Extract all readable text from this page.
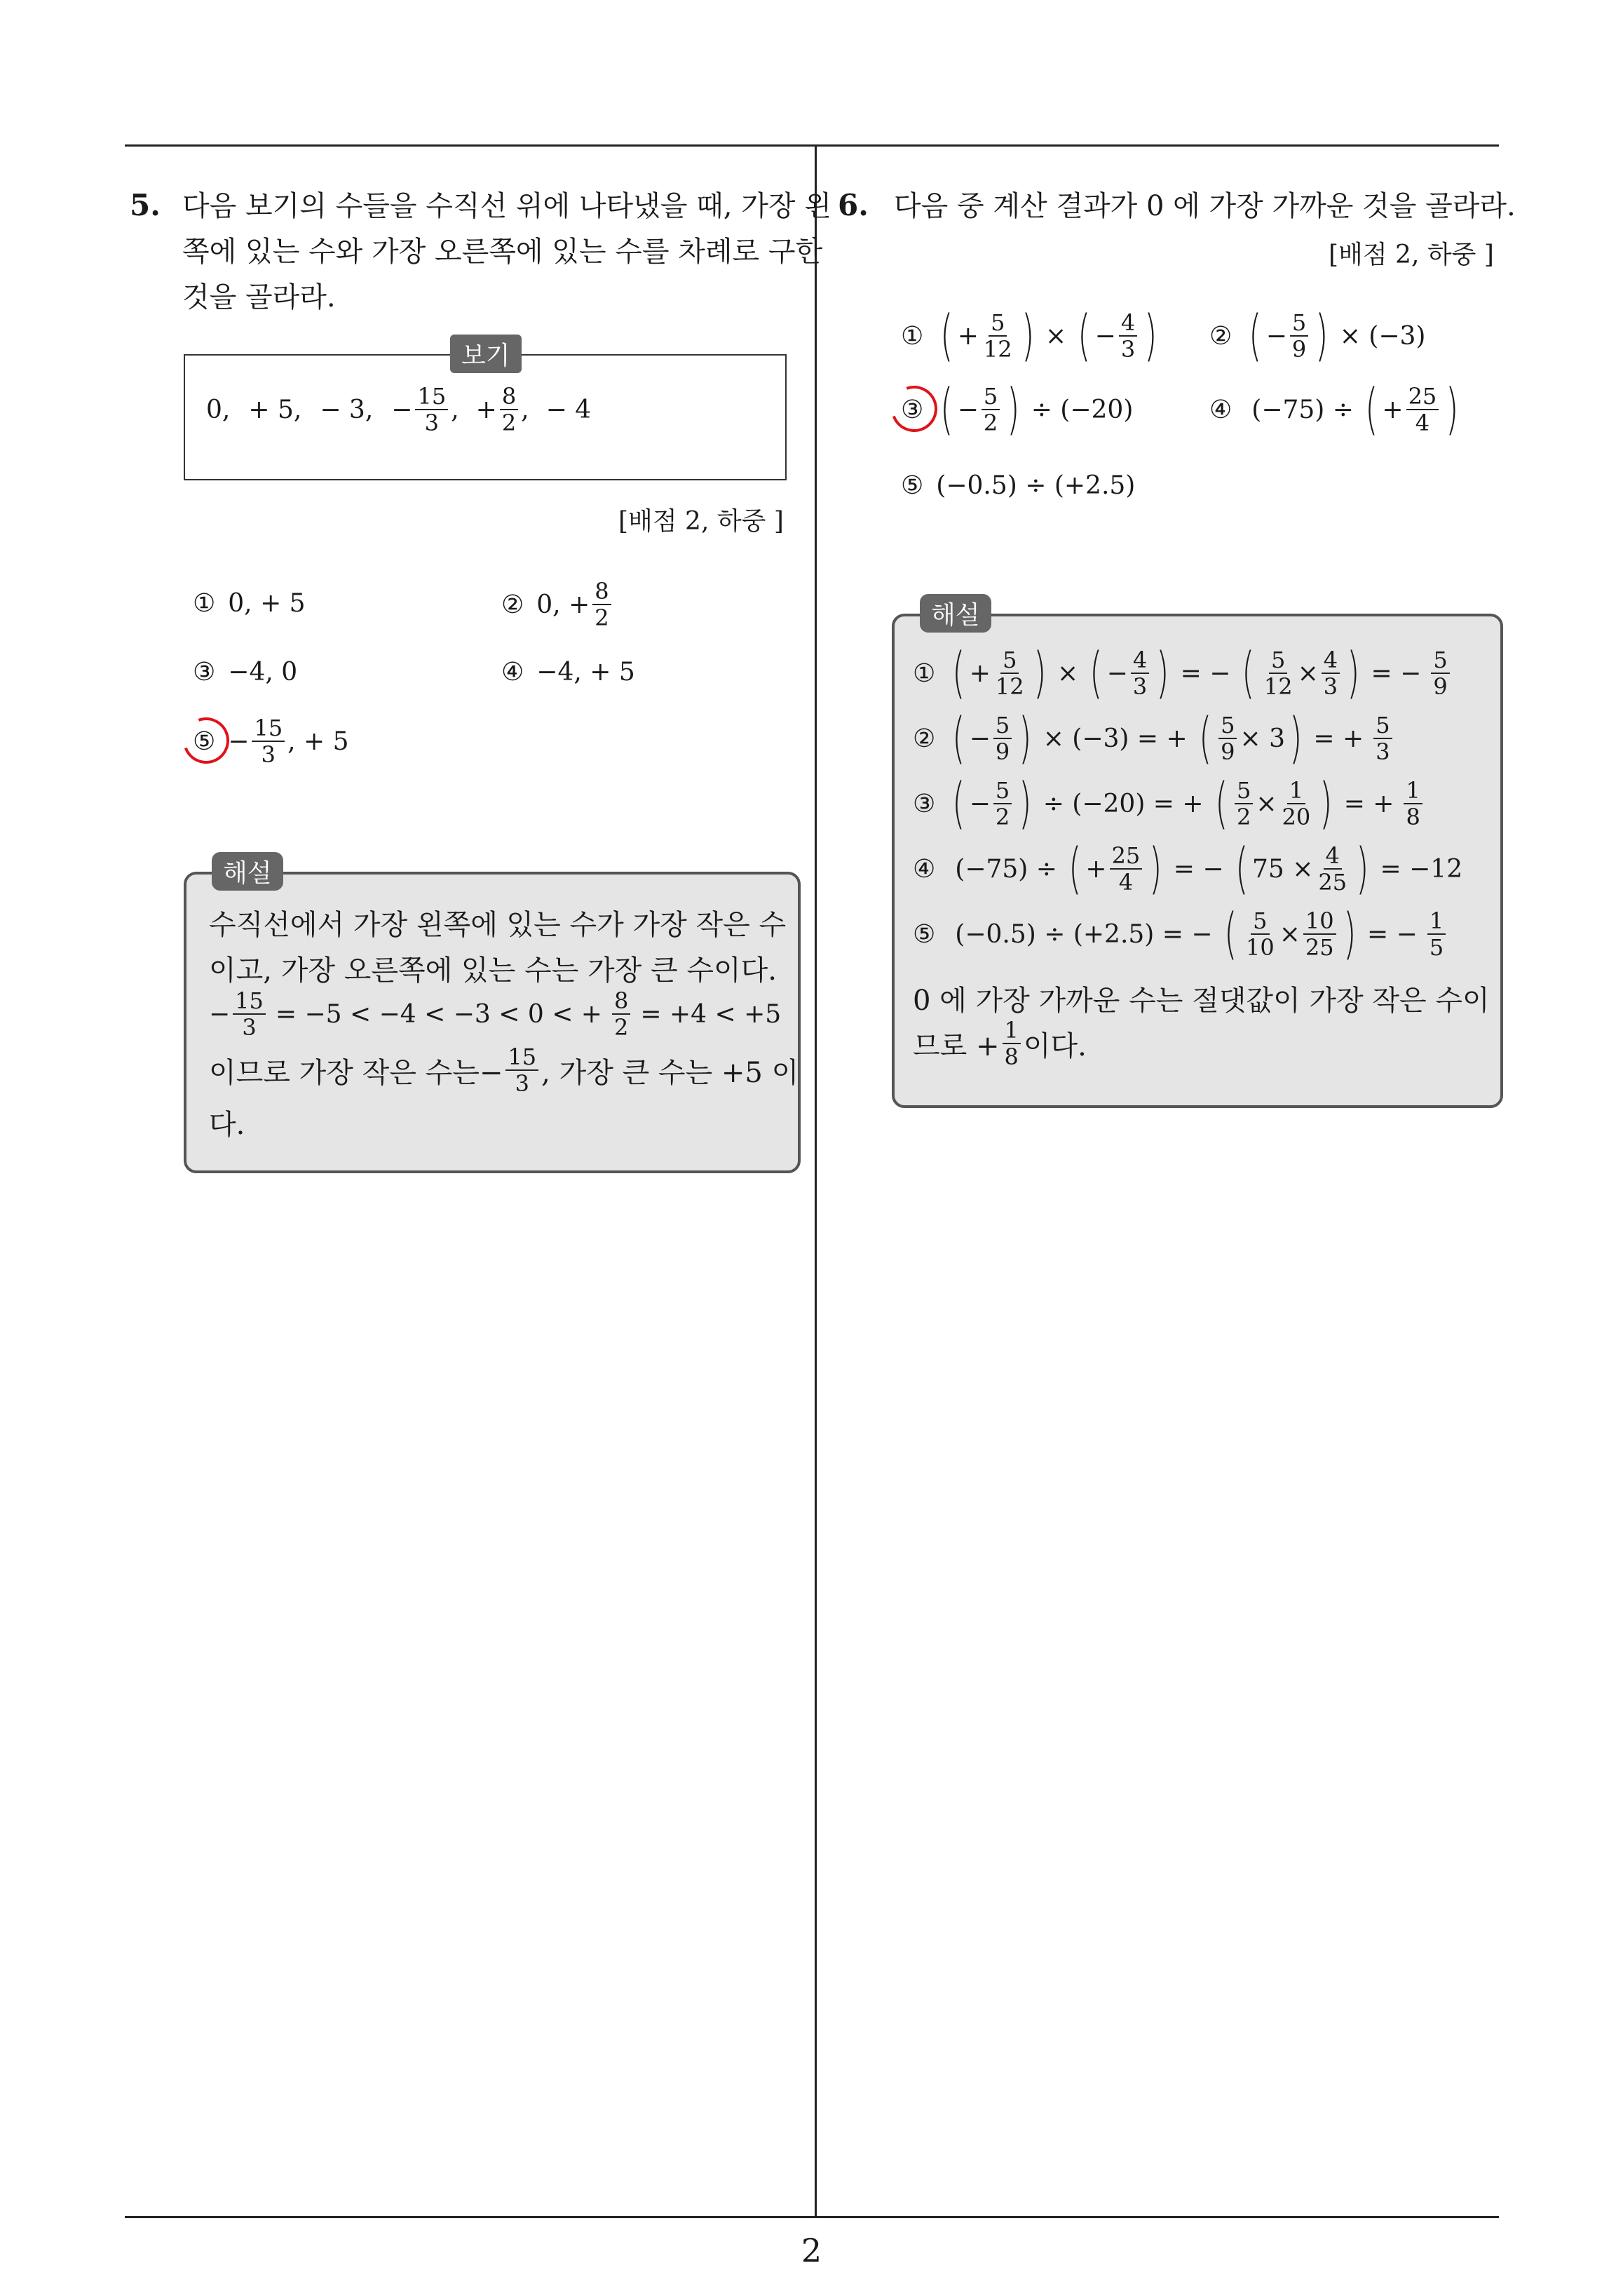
5. 다음 보기의 수들을 수직선 위에 나타냈을 때, 가장 왼
쪽에 있는 수와 가장 오른쪽에 있는 수를 차례로 구한
것을 골라라.
보기
0, + 5, − 3, − $\frac{15}{3}$ , + $\frac{8}{2}$ , − 4
[배점 2, 하중 ]
① 0, + 5	② 0, + $\frac{8}{2}$
③ −4, 0	④ −4, + 5
⑤ − $\frac{15}{3}$ , + 5
해설
수직선에서 가장 왼쪽에 있는 수가 가장 작은 수
이고, 가장 오른쪽에 있는 수는 가장 큰 수이다.
− $\frac{15}{3} = -5 < -4 < -3 < 0$ < + $\frac{8}{2} = +4 < +5$
이므로 가장 작은 수는− $\frac{15}{3}$ , 가장 큰 수는 +5 이
다.
6. 다음 중 계산 결과가 0 에 가장 가까운 것을 골라라.
[배점 2, 하중 ]
① ( + $\frac{5}{12}$ ) × ( − $\frac{4}{3}$ ) ② ( − $\frac{5}{9}$ ) × (−3)
③ ( − $\frac{5}{2}$ ) ÷ (−20)	④ (−75) ÷ ( + $\frac{25}{4}$ )
⑤ (−0.5) ÷ (+2.5)
해설
① ( + $\frac{5}{12}$ ) × ( − $\frac{4}{3}$ ) = − ( $\frac{5}{12} \times \frac{4}{3}$ ) = − $\frac{5}{9}$
② ( − $\frac{5}{9}$ ) × (−3) = + ( $\frac{5}{9} \times 3$ ) = + $\frac{5}{3}$
③ ( − $\frac{5}{2}$ ) ÷ (−20) = + ( $\frac{5}{2} \times \frac{1}{20}$ ) = + $\frac{1}{8}$
④ (−75) ÷ ( + $\frac{25}{4}$ ) = − ( $75 \times \frac{4}{25}$ ) = −12
⑤ (−0.5) ÷ (+2.5) = − ( $\frac{5}{10} \times \frac{10}{25}$ ) = − $\frac{1}{5}$
0 에 가장 가까운 수는 절댓값이 가장 작은 수이
므로 + $\frac{1}{8}$ 이다.
2
